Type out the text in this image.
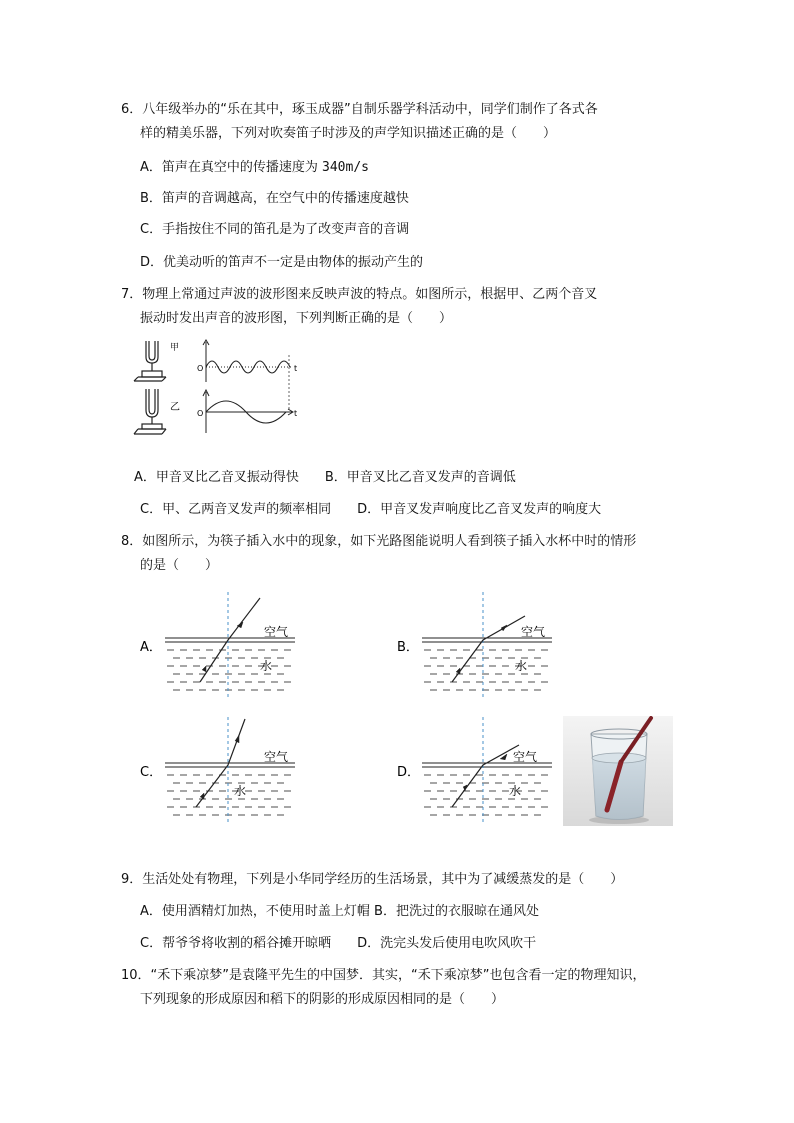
6．八年级举办的“乐在其中，琢玉成器”自制乐器学科活动中，同学们制作了各式各
样的精美乐器，下列对吹奏笛子时涉及的声学知识描述正确的是（　　）
A．笛声在真空中的传播速度为 340m/s
B．笛声的音调越高，在空气中的传播速度越快
C．手指按住不同的笛孔是为了改变声音的音调
D．优美动听的笛声不一定是由物体的振动产生的
7．物理上常通过声波的波形图来反映声波的特点。如图所示，根据甲、乙两个音叉
振动时发出声音的波形图，下列判断正确的是（　　）
甲
乙
O	t
O	t
A．甲音叉比乙音叉振动得快　　B．甲音叉比乙音叉发声的音调低
C．甲、乙两音叉发声的频率相同　　D．甲音叉发声响度比乙音叉发声的响度大
8．如图所示，为筷子插入水中的现象，如下光路图能说明人看到筷子插入水杯中时的情形
的是（　　）
A．
空气
水
B．
空气
水
C．
空气
水
D．
空气
水
9．生活处处有物理，下列是小华同学经历的生活场景，其中为了减缓蒸发的是（　　）
A．使用酒精灯加热，不使用时盖上灯帽 B．把洗过的衣服晾在通风处
C．帮爷爷将收割的稻谷摊开晾晒　　D．洗完头发后使用电吹风吹干
10．“禾下乘凉梦”是袁隆平先生的中国梦．其实，“禾下乘凉梦”也包含看一定的物理知识，
下列现象的形成原因和稻下的阴影的形成原因相同的是（　　）
